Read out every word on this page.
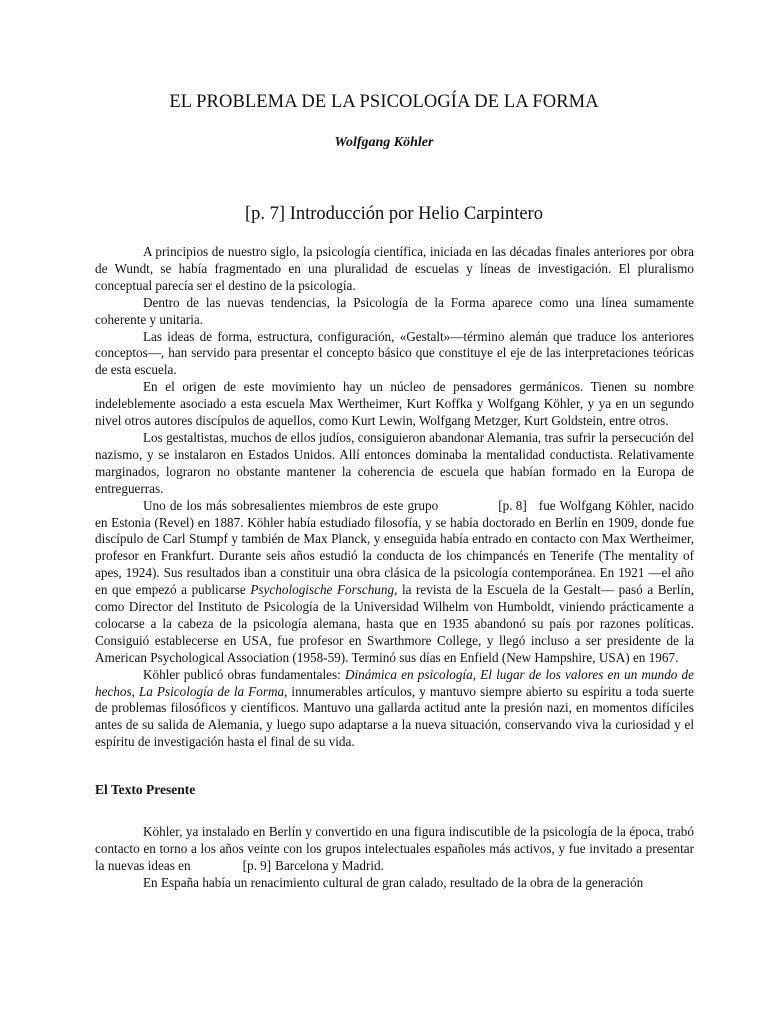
EL PROBLEMA DE LA PSICOLOGÍA DE LA FORMA
Wolfgang Köhler
[p. 7] Introducción por Helio Carpintero

A principios de nuestro siglo, la psicología científica, iniciada en las décadas finales anteriores por obra de Wundt, se había fragmentado en una pluralidad de escuelas y líneas de investigación. El pluralismo conceptual parecía ser el destino de la psicología.

Dentro de las nuevas tendencias, la Psicología de la Forma aparece como una línea sumamente coherente y unitaria.

Las ideas de forma, estructura, configuración, «Gestalt»—término alemán que traduce los anteriores conceptos—, han servido para presentar el concepto básico que constituye el eje de las interpretaciones teóricas de esta escuela.

En el origen de este movimiento hay un núcleo de pensadores germánicos. Tienen su nombre indeleblemente asociado a esta escuela Max Wertheimer, Kurt Koffka y Wolfgang Köhler, y ya en un segundo nivel otros autores discípulos de aquellos, como Kurt Lewin, Wolfgang Metzger, Kurt Goldstein, entre otros.

Los gestaltistas, muchos de ellos judíos, consiguieron abandonar Alemania, tras sufrir la persecución del nazismo, y se instalaron en Estados Unidos. Allí entonces dominaba la mentalidad conductista. Relativamente marginados, lograron no obstante mantener la coherencia de escuela que habían formado en la Europa de entreguerras.

Uno de los más sobresalientes miembros de este grupo	[p. 8] fue Wolfgang Köhler, nacido en Estonia (Revel) en 1887. Köhler había estudiado filosofía, y se había doctorado en Berlín en 1909, donde fue discípulo de Carl Stumpf y también de Max Planck, y enseguida había entrado en contacto con Max Wertheimer, profesor en Frankfurt. Durante seis años estudió la conducta de los chimpancés en Tenerife (The mentality of apes, 1924). Sus resultados iban a constituir una obra clásica de la psicología contemporánea. En 1921 —el año en que empezó a publicarse Psychologische Forschung, la revista de la Escuela de la Gestalt— pasó a Berlín, como Director del Instituto de Psicología de la Universidad Wilhelm von Humboldt, viniendo prácticamente a colocarse a la cabeza de la psicología alemana, hasta que en 1935 abandonó su país por razones políticas. Consiguió establecerse en USA, fue profesor en Swarthmore College, y llegó incluso a ser presidente de la American Psychological Association (1958-59). Terminó sus días en Enfield (New Hampshire, USA) en 1967.

Köhler publicó obras fundamentales: Dinámica en psicología, El lugar de los valores en un mundo de hechos, La Psicología de la Forma, innumerables artículos, y mantuvo siempre abierto su espíritu a toda suerte de problemas filosóficos y científicos. Mantuvo una gallarda actitud ante la presión nazi, en momentos difíciles antes de su salida de Alemania, y luego supo adaptarse a la nueva situación, conservando viva la curiosidad y el espíritu de investigación hasta el final de su vida.

El Texto Presente

Köhler, ya instalado en Berlín y convertido en una figura indiscutible de la psicología de la época, trabó contacto en torno a los años veinte con los grupos intelectuales españoles más activos, y fue invitado a presentar la nuevas ideas en	[p. 9] Barcelona y Madrid.

En España había un renacimiento cultural de gran calado, resultado de la obra de la generación
